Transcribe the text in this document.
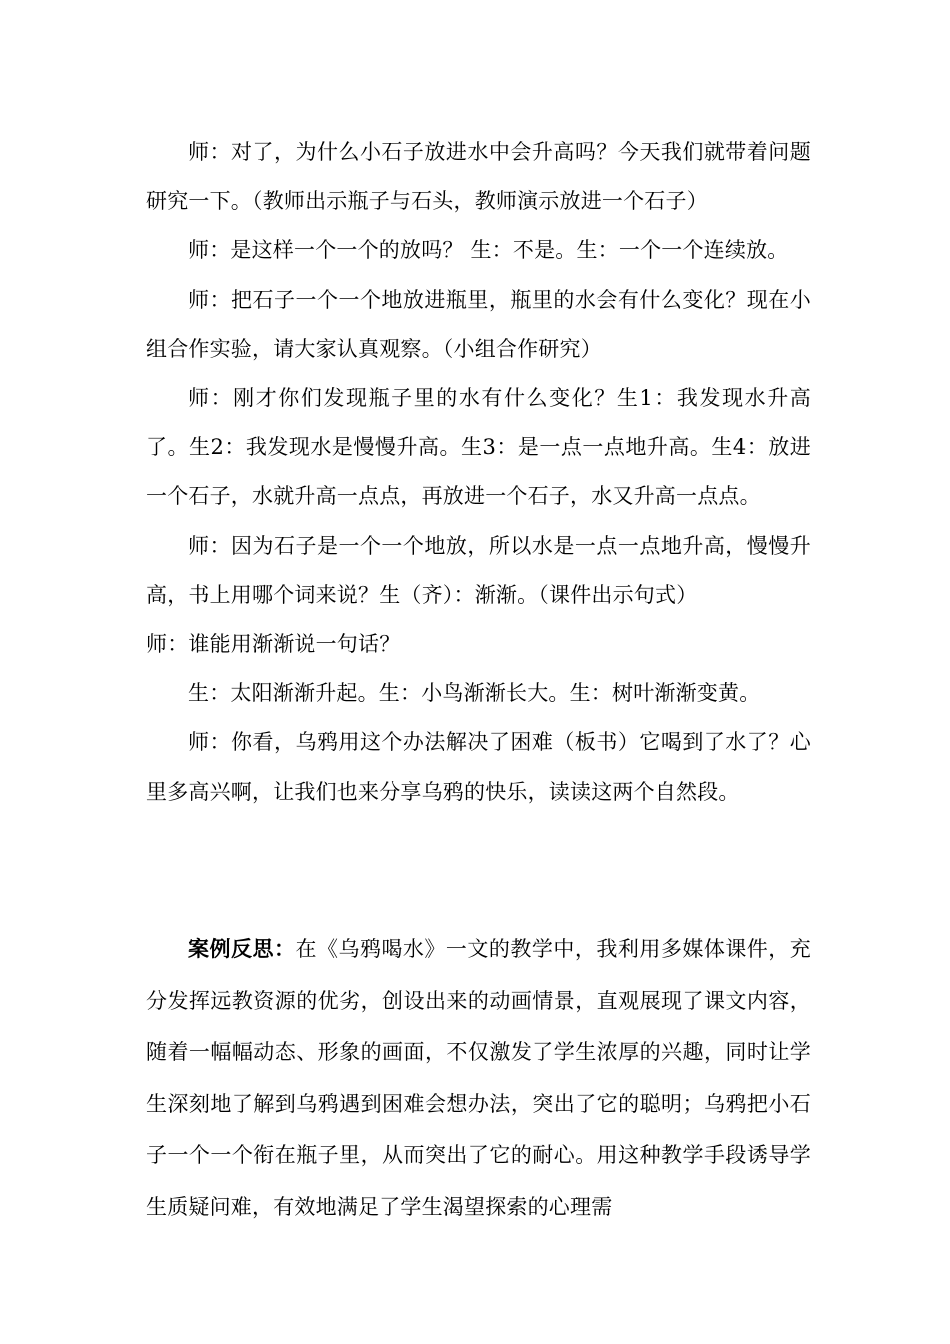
师：对了，为什么小石子放进水中会升高吗？今天我们就带着问题研究一下。（教师出示瓶子与石头，教师演示放进一个石子）

师：是这样一个一个的放吗？ 生：不是。生：一个一个连续放。

师：把石子一个一个地放进瓶里，瓶里的水会有什么变化？现在小组合作实验，请大家认真观察。（小组合作研究）

师：刚才你们发现瓶子里的水有什么变化？生1：我发现水升高了。生2：我发现水是慢慢升高。生3：是一点一点地升高。生4：放进一个石子，水就升高一点点，再放进一个石子，水又升高一点点。

师：因为石子是一个一个地放，所以水是一点一点地升高，慢慢升高，书上用哪个词来说？生（齐）：渐渐。（课件出示句式）

师：谁能用渐渐说一句话？

生：太阳渐渐升起。生：小鸟渐渐长大。生：树叶渐渐变黄。

师：你看，乌鸦用这个办法解决了困难（板书）它喝到了水了？心里多高兴啊，让我们也来分享乌鸦的快乐，读读这两个自然段。

案例反思：在《乌鸦喝水》一文的教学中，我利用多媒体课件，充分发挥远教资源的优劣，创设出来的动画情景，直观展现了课文内容，随着一幅幅动态、形象的画面，不仅激发了学生浓厚的兴趣，同时让学生深刻地了解到乌鸦遇到困难会想办法，突出了它的聪明；乌鸦把小石子一个一个衔在瓶子里，从而突出了它的耐心。用这种教学手段诱导学生质疑问难，有效地满足了学生渴望探索的心理需
